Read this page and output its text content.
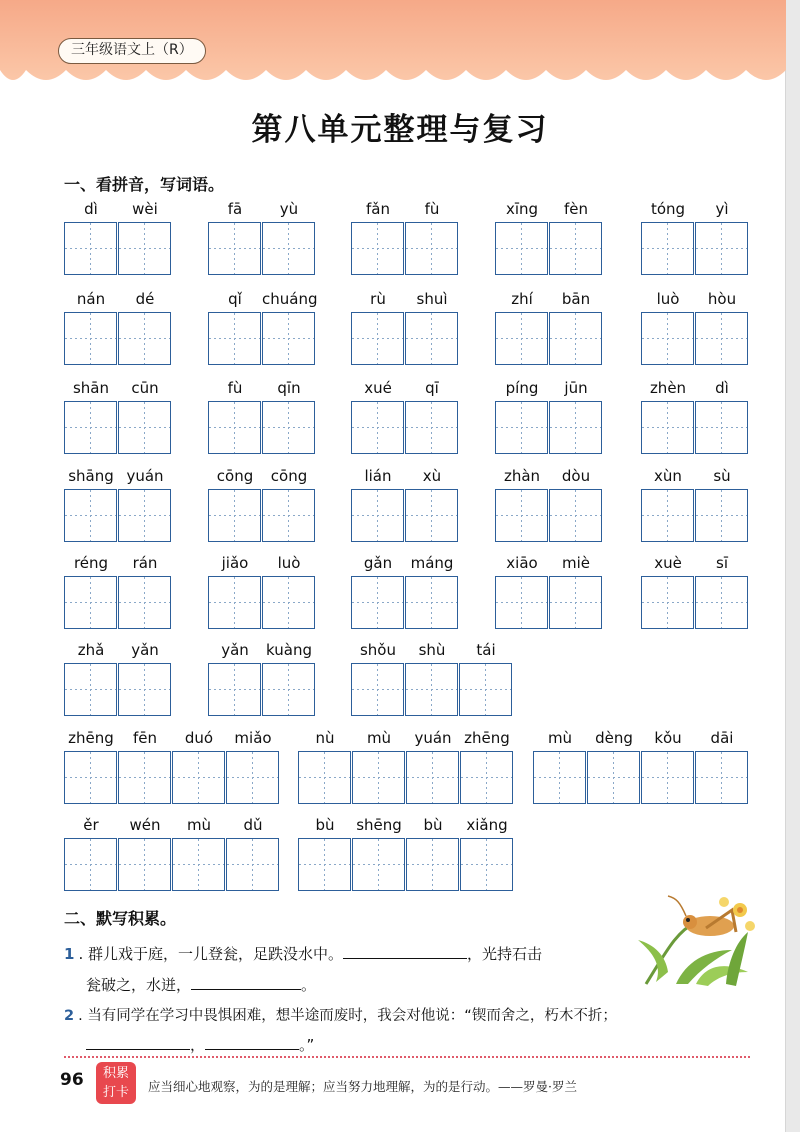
三年级语文上（R）
第八单元整理与复习
一、看拼音，写词语。
dì	wèi	fā	yù	fǎn	fù	xīng	fèn	tóng	yì
nán	dé	qǐ	chuáng	rù	shuì	zhí	bān	luò	hòu
shān	cūn	fù	qīn	xué	qī	píng	jūn	zhèn	dì
shāng yuán	cōng	cōng	lián	xù	zhàn	dòu	xùn	sù
réng	rán	jiǎo	luò	gǎn	máng	xiāo	miè	xuè	sī
zhǎ	yǎn	yǎn	kuàng	shǒu	shù	tái
zhēng	fēn	duó	miǎo	nù	mù	yuán zhēng	mù	dèng	kǒu	dāi
ěr	wén	mù	dǔ	bù	shēng	bù	xiǎng
二、默写积累。
1 . 群儿戏于庭，一儿登瓮，足跌没水中。	，光持石击
瓮破之，水迸，	。
2 . 当有同学在学习中畏惧困难，想半途而废时，我会对他说：“锲而舍之，朽木不折；
，	。”
96	积累
打卡	应当细心地观察，为的是理解；应当努力地理解，为的是行动。——罗曼·罗兰
